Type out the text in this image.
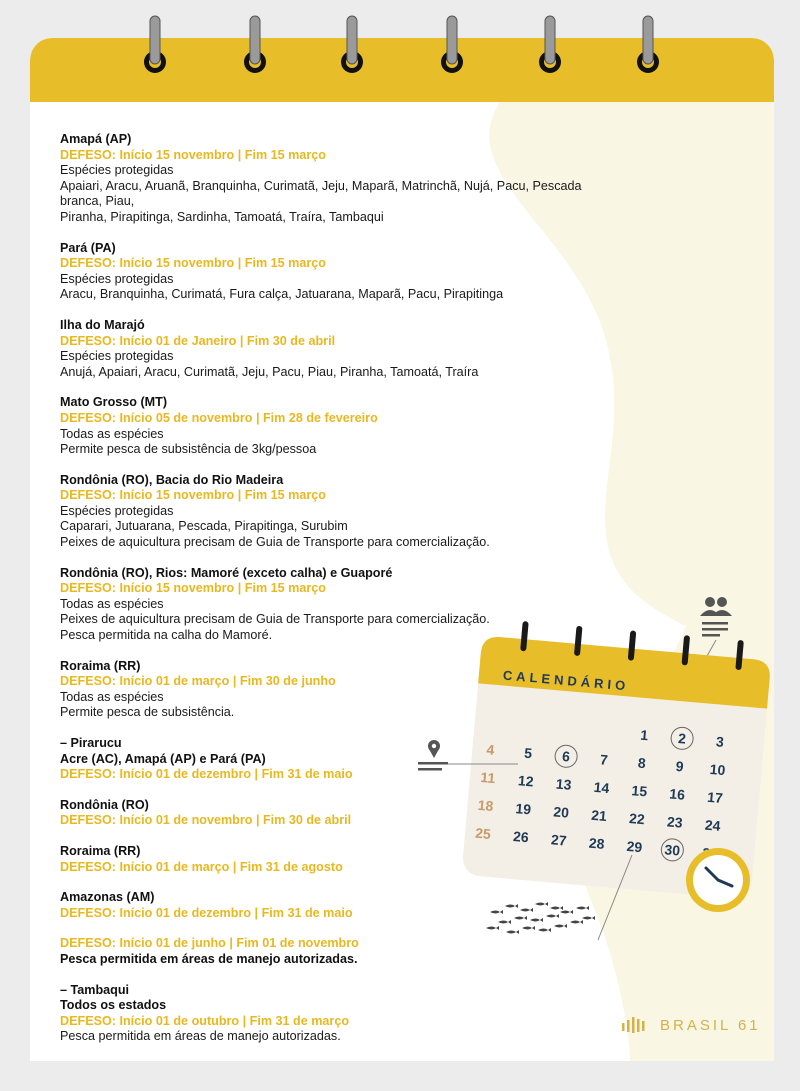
Amapá (AP)
DEFESO: Início 15 novembro | Fim 15 março
Espécies protegidas
Apaiari, Aracu, Aruanã, Branquinha, Curimatã, Jeju, Maparã, Matrinchã, Nujá, Pacu, Pescada branca, Piau,
Piranha, Pirapitinga, Sardinha, Tamoatá, Traíra, Tambaqui
Pará (PA)
DEFESO: Início 15 novembro | Fim 15 março
Espécies protegidas
Aracu, Branquinha, Curimatá, Fura calça, Jatuarana, Maparã, Pacu, Pirapitinga
Ilha do Marajó
DEFESO: Início 01 de Janeiro | Fim 30 de abril
Espécies protegidas
Anujá, Apaiari, Aracu, Curimatã, Jeju, Pacu, Piau, Piranha, Tamoatá, Traíra
Mato Grosso (MT)
DEFESO: Início 05 de novembro | Fim 28 de fevereiro
Todas as espécies
Permite pesca de subsistência de 3kg/pessoa
Rondônia (RO), Bacia do Rio Madeira
DEFESO: Início 15 novembro | Fim 15 março
Espécies protegidas
Caparari, Jutuarana, Pescada, Pirapitinga, Surubim
Peixes de aquicultura precisam de Guia de Transporte para comercialização.
Rondônia (RO), Rios: Mamoré (exceto calha) e Guaporé
DEFESO: Início 15 novembro | Fim 15 março
Todas as espécies
Peixes de aquicultura precisam de Guia de Transporte para comercialização.
Pesca permitida na calha do Mamoré.
Roraima (RR)
DEFESO: Início 01 de março | Fim 30 de junho
Todas as espécies
Permite pesca de subsistência.
– Pirarucu
Acre (AC), Amapá (AP) e Pará (PA)
DEFESO: Início 01 de dezembro | Fim 31 de maio
Rondônia (RO)
DEFESO: Início 01 de novembro | Fim 30 de abril
Roraima (RR)
DEFESO: Início 01 de março | Fim 31 de agosto
Amazonas (AM)
DEFESO: Início 01 de dezembro | Fim 31 de maio
DEFESO: Início 01 de junho | Fim 01 de novembro
Pesca permitida em áreas de manejo autorizadas.
– Tambaqui
Todos os estados
DEFESO: Início 01 de outubro | Fim 31 de março
Pesca permitida em áreas de manejo autorizadas.
CALENDÁRIO
1 2 3
4 5 6 7 8 9 10
11 12 13 14 15 16 17
18 19 20 21 22 23 24
25 26 27 28 29 30
BRASIL 61
